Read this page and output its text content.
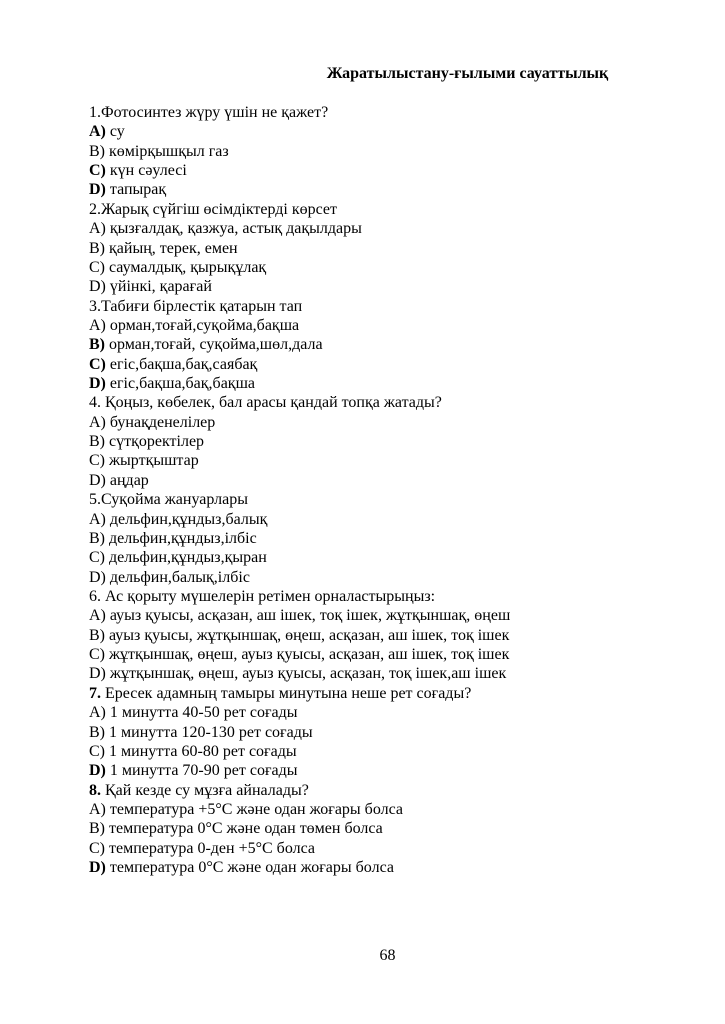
Жаратылыстану-ғылыми сауаттылық
1.Фотосинтез жүру үшін не қажет?
А) су
В) көмірқышқыл газ
С) күн сәулесі
D) тапырақ
2.Жарық сүйгіш өсімдіктерді көрсет
А) қызғалдақ, қазжуа, астық дақылдары
В) қайың, терек, емен
С) саумалдық, қырықұлақ
D) үйінкі, қарағай
3.Табиғи бірлестік қатарын тап
А) орман,тоғай,суқойма,бақша
В) орман,тоғай, суқойма,шөл,дала
С) егіс,бақша,бақ,саябақ
D) егіс,бақша,бақ,бақша
4. Қоңыз, көбелек, бал арасы қандай топқа жатады?
А) бунақденелілер
В) сүтқоректілер
С) жыртқыштар
D) аңдар
5.Суқойма жануарлары
А) дельфин,құндыз,балық
В) дельфин,құндыз,ілбіс
С) дельфин,құндыз,қыран
D) дельфин,балық,ілбіс
6. Ас қорыту мүшелерін ретімен орналастырыңыз:
А) ауыз қуысы, асқазан, аш ішек, тоқ ішек, жұтқыншақ, өңеш
В) ауыз қуысы, жұтқыншақ, өңеш, асқазан, аш ішек, тоқ ішек
С) жұтқыншақ, өңеш, ауыз қуысы, асқазан, аш ішек, тоқ ішек
D) жұтқыншақ, өңеш, ауыз қуысы, асқазан, тоқ ішек,аш ішек
7. Ересек адамның тамыры минутына неше рет соғады?
А) 1 минутта 40-50 рет соғады
В) 1 минутта 120-130 рет соғады
С) 1 минутта 60-80 рет соғады
D) 1 минутта 70-90 рет соғады
8. Қай кезде су мұзға айналады?
А) температура +5°С және одан жоғары болса
В) температура 0°С және одан төмен болса
С) температура 0-ден +5°С болса
D) температура 0°С және одан жоғары болса
68
